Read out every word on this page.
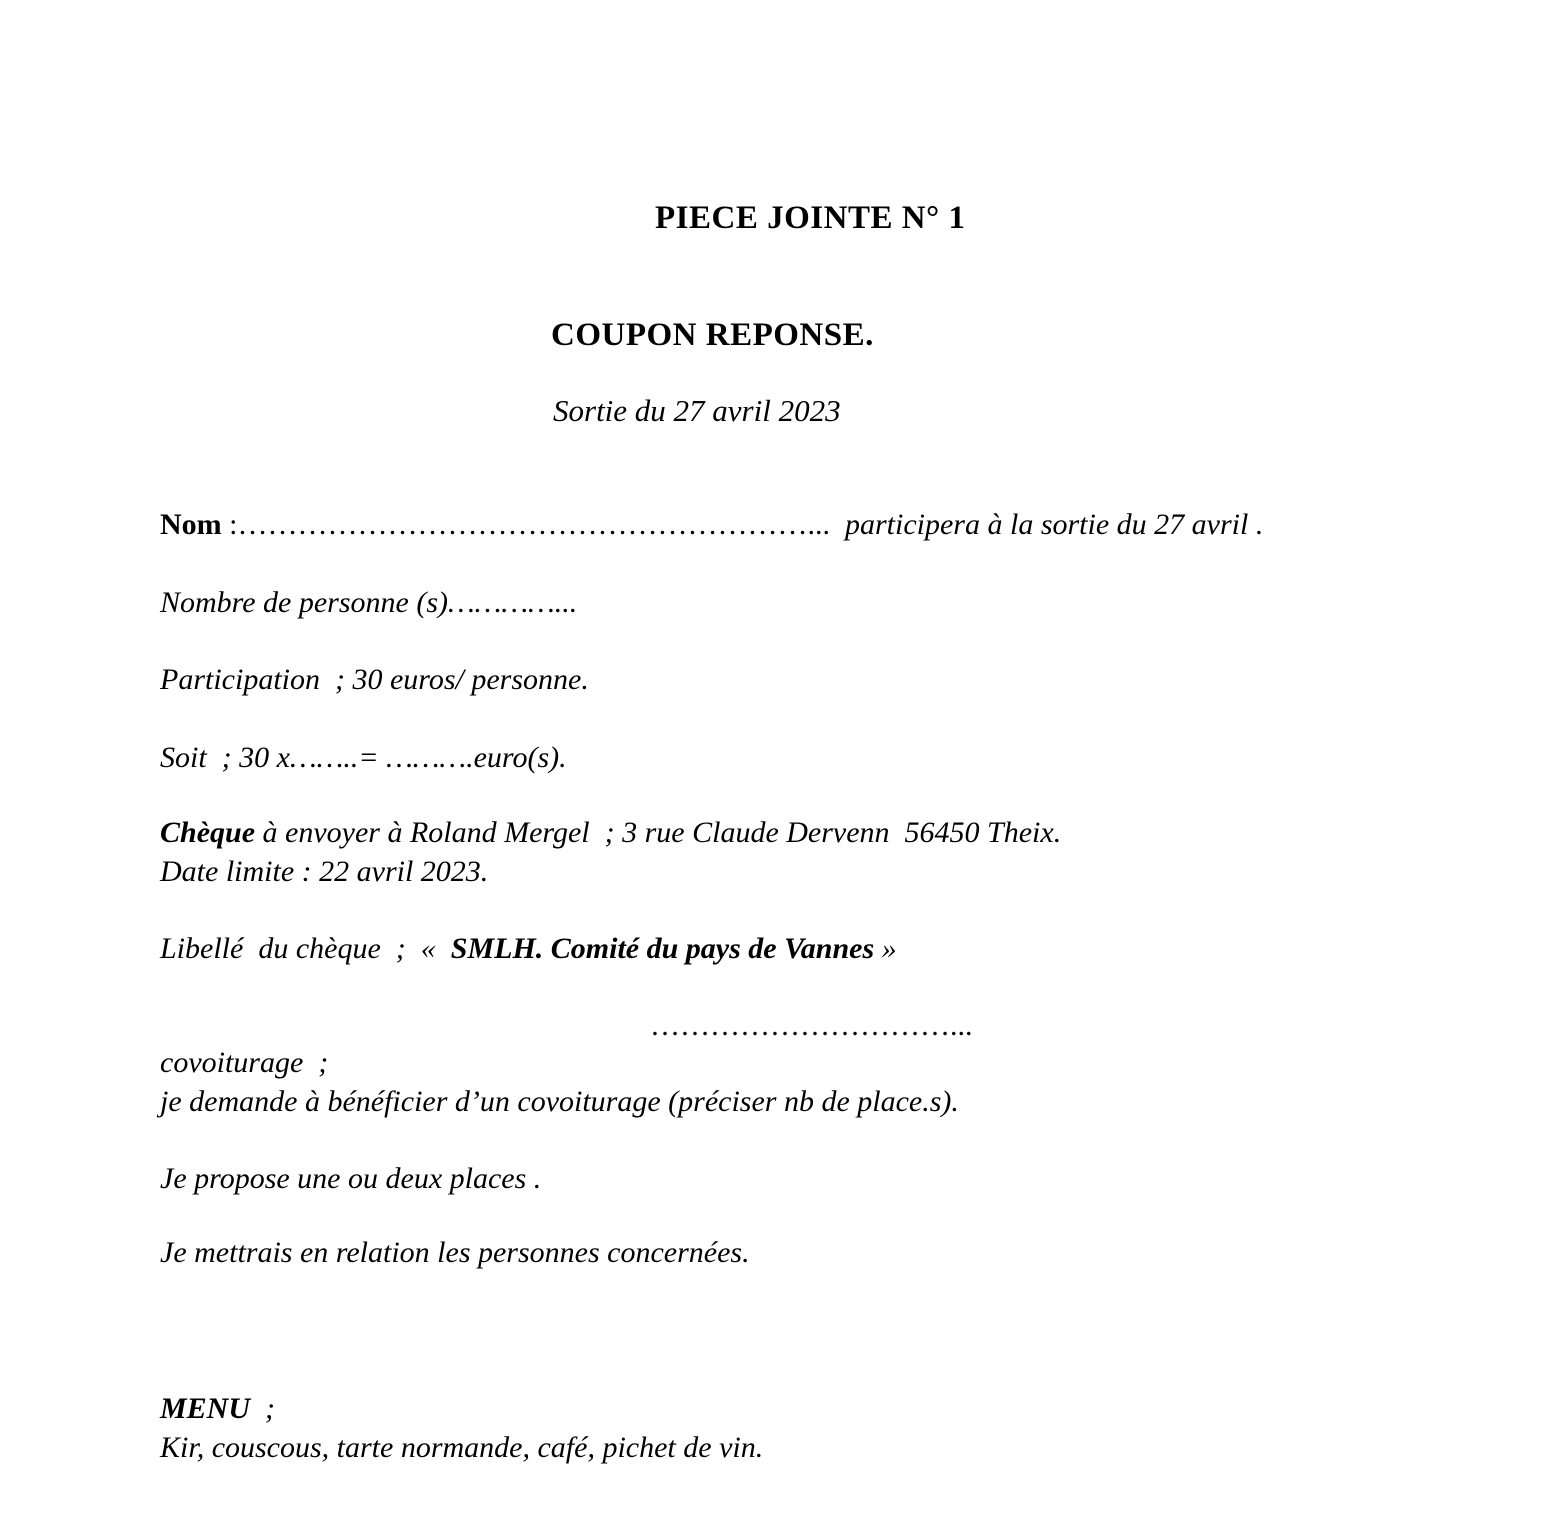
PIECE JOINTE N° 1
COUPON REPONSE.
Sortie du 27 avril 2023
Nom :…………………………………………………...  participera à la sortie du 27 avril .
Nombre de personne (s)…………...
Participation  ; 30 euros/ personne.
Soit  ; 30 x……..= ……….euro(s).
Chèque à envoyer à Roland Mergel  ; 3 rue Claude Dervenn  56450 Theix.
Date limite : 22 avril 2023.
Libellé  du chèque  ;  «  SMLH. Comité du pays de Vannes »
…………………………...
covoiturage  ;
je demande à bénéficier d’un covoiturage (préciser nb de place.s).
Je propose une ou deux places .
Je mettrais en relation les personnes concernées.
MENU  ;
Kir, couscous, tarte normande, café, pichet de vin.
